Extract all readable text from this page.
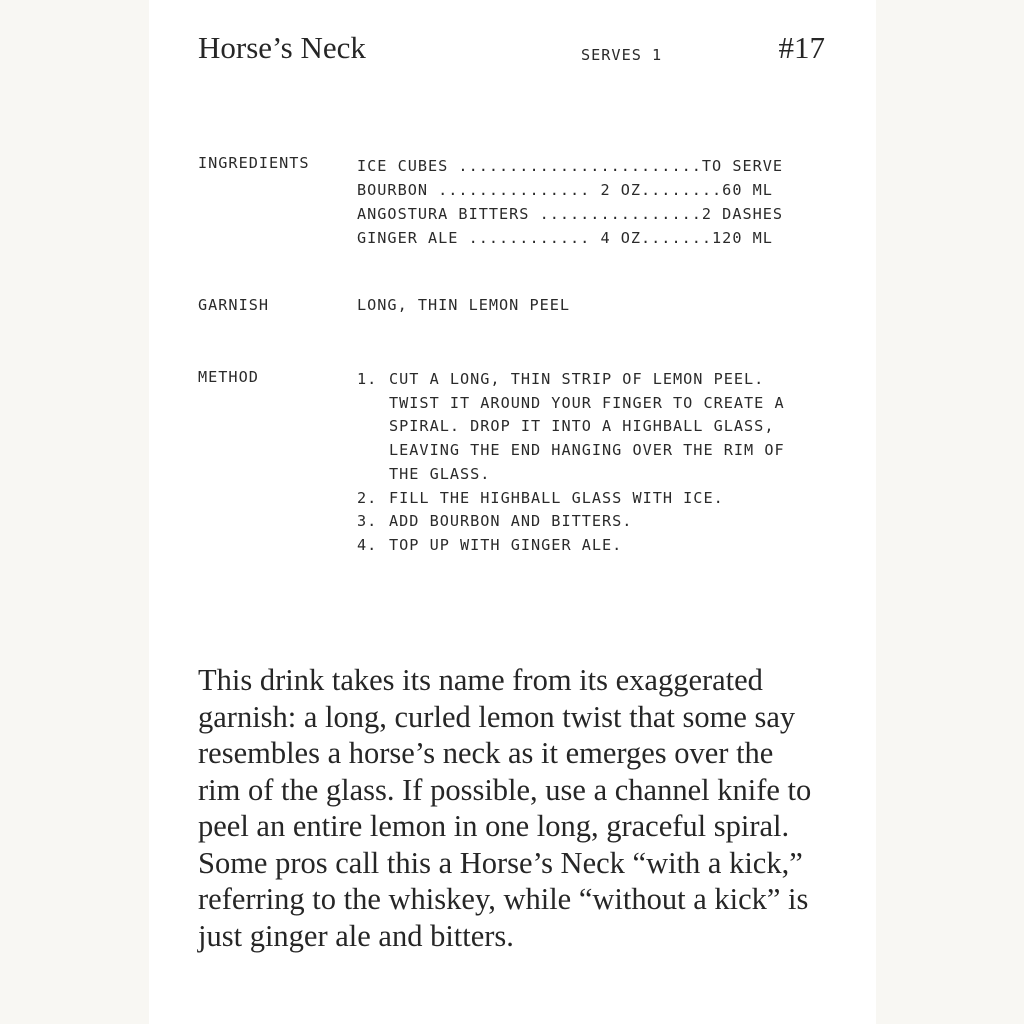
Horse’s Neck	SERVES 1	#17
INGREDIENTS	ICE CUBES ........................TO SERVE
BOURBON ............... 2 OZ........60 ML
ANGOSTURA BITTERS ................2 DASHES
GINGER ALE ............ 4 OZ.......120 ML
GARNISH	LONG, THIN LEMON PEEL
METHOD	1. CUT A LONG, THIN STRIP OF LEMON PEEL. TWIST IT AROUND YOUR FINGER TO CREATE A SPIRAL. DROP IT INTO A HIGHBALL GLASS, LEAVING THE END HANGING OVER THE RIM OF THE GLASS.
2. FILL THE HIGHBALL GLASS WITH ICE.
3. ADD BOURBON AND BITTERS.
4. TOP UP WITH GINGER ALE.
This drink takes its name from its exaggerated garnish: a long, curled lemon twist that some say resembles a horse’s neck as it emerges over the rim of the glass. If possible, use a channel knife to peel an entire lemon in one long, graceful spiral. Some pros call this a Horse’s Neck “with a kick,” referring to the whiskey, while “without a kick” is just ginger ale and bitters.
